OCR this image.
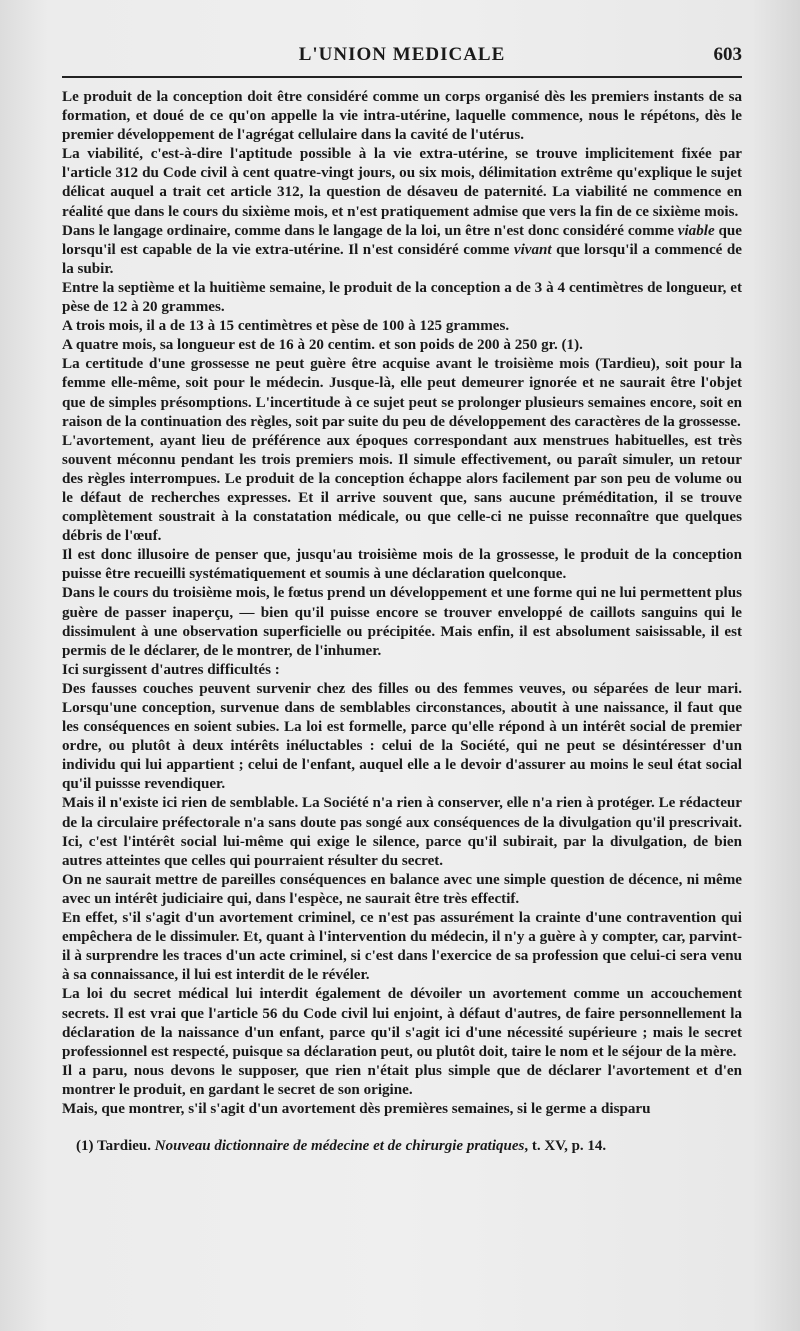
L'UNION MEDICALE	603

Le produit de la conception doit être considéré comme un corps organisé dès les premiers instants de sa formation, et doué de ce qu'on appelle la vie intra-utérine, laquelle commence, nous le répétons, dès le premier développement de l'agrégat cellulaire dans la cavité de l'utérus.

La viabilité, c'est-à-dire l'aptitude possible à la vie extra-utérine, se trouve implicitement fixée par l'article 312 du Code civil à cent quatre-vingt jours, ou six mois, délimitation extrême qu'explique le sujet délicat auquel a trait cet article 312, la question de désaveu de paternité. La viabilité ne commence en réalité que dans le cours du sixième mois, et n'est pratiquement admise que vers la fin de ce sixième mois.

Dans le langage ordinaire, comme dans le langage de la loi, un être n'est donc considéré comme viable que lorsqu'il est capable de la vie extra-utérine. Il n'est considéré comme vivant que lorsqu'il a commencé de la subir.

Entre la septième et la huitième semaine, le produit de la conception a de 3 à 4 centimètres de longueur, et pèse de 12 à 20 grammes.

A trois mois, il a de 13 à 15 centimètres et pèse de 100 à 125 grammes.

A quatre mois, sa longueur est de 16 à 20 centim. et son poids de 200 à 250 gr. (1).

La certitude d'une grossesse ne peut guère être acquise avant le troisième mois (Tardieu), soit pour la femme elle-même, soit pour le médecin. Jusque-là, elle peut demeurer ignorée et ne saurait être l'objet que de simples présomptions. L'incertitude à ce sujet peut se prolonger plusieurs semaines encore, soit en raison de la continuation des règles, soit par suite du peu de développement des caractères de la grossesse.

L'avortement, ayant lieu de préférence aux époques correspondant aux menstrues habituelles, est très souvent méconnu pendant les trois premiers mois. Il simule effectivement, ou paraît simuler, un retour des règles interrompues. Le produit de la conception échappe alors facilement par son peu de volume ou le défaut de recherches expresses. Et il arrive souvent que, sans aucune préméditation, il se trouve complètement soustrait à la constatation médicale, ou que celle-ci ne puisse reconnaître que quelques débris de l'œuf.

Il est donc illusoire de penser que, jusqu'au troisième mois de la grossesse, le produit de la conception puisse être recueilli systématiquement et soumis à une déclaration quelconque.

Dans le cours du troisième mois, le fœtus prend un développement et une forme qui ne lui permettent plus guère de passer inaperçu, — bien qu'il puisse encore se trouver enveloppé de caillots sanguins qui le dissimulent à une observation superficielle ou précipitée. Mais enfin, il est absolument saisissable, il est permis de le déclarer, de le montrer, de l'inhumer.

Ici surgissent d'autres difficultés :

Des fausses couches peuvent survenir chez des filles ou des femmes veuves, ou séparées de leur mari. Lorsqu'une conception, survenue dans de semblables circonstances, aboutit à une naissance, il faut que les conséquences en soient subies. La loi est formelle, parce qu'elle répond à un intérêt social de premier ordre, ou plutôt à deux intérêts inéluctables : celui de la Société, qui ne peut se désintéresser d'un individu qui lui appartient ; celui de l'enfant, auquel elle a le devoir d'assurer au moins le seul état social qu'il puissse revendiquer.

Mais il n'existe ici rien de semblable. La Société n'a rien à conserver, elle n'a rien à protéger. Le rédacteur de la circulaire préfectorale n'a sans doute pas songé aux conséquences de la divulgation qu'il prescrivait. Ici, c'est l'intérêt social lui-même qui exige le silence, parce qu'il subirait, par la divulgation, de bien autres atteintes que celles qui pourraient résulter du secret.

On ne saurait mettre de pareilles conséquences en balance avec une simple question de décence, ni même avec un intérêt judiciaire qui, dans l'espèce, ne saurait être très effectif.

En effet, s'il s'agit d'un avortement criminel, ce n'est pas assurément la crainte d'une contravention qui empêchera de le dissimuler. Et, quant à l'intervention du médecin, il n'y a guère à y compter, car, parvint-il à surprendre les traces d'un acte criminel, si c'est dans l'exercice de sa profession que celui-ci sera venu à sa connaissance, il lui est interdit de le révéler.

La loi du secret médical lui interdit également de dévoiler un avortement comme un accouchement secrets. Il est vrai que l'article 56 du Code civil lui enjoint, à défaut d'autres, de faire personnellement la déclaration de la naissance d'un enfant, parce qu'il s'agit ici d'une nécessité supérieure ; mais le secret professionnel est respecté, puisque sa déclaration peut, ou plutôt doit, taire le nom et le séjour de la mère.

Il a paru, nous devons le supposer, que rien n'était plus simple que de déclarer l'avortement et d'en montrer le produit, en gardant le secret de son origine.

Mais, que montrer, s'il s'agit d'un avortement dès premières semaines, si le germe a disparu

(1) Tardieu. Nouveau dictionnaire de médecine et de chirurgie pratiques, t. XV, p. 14.
